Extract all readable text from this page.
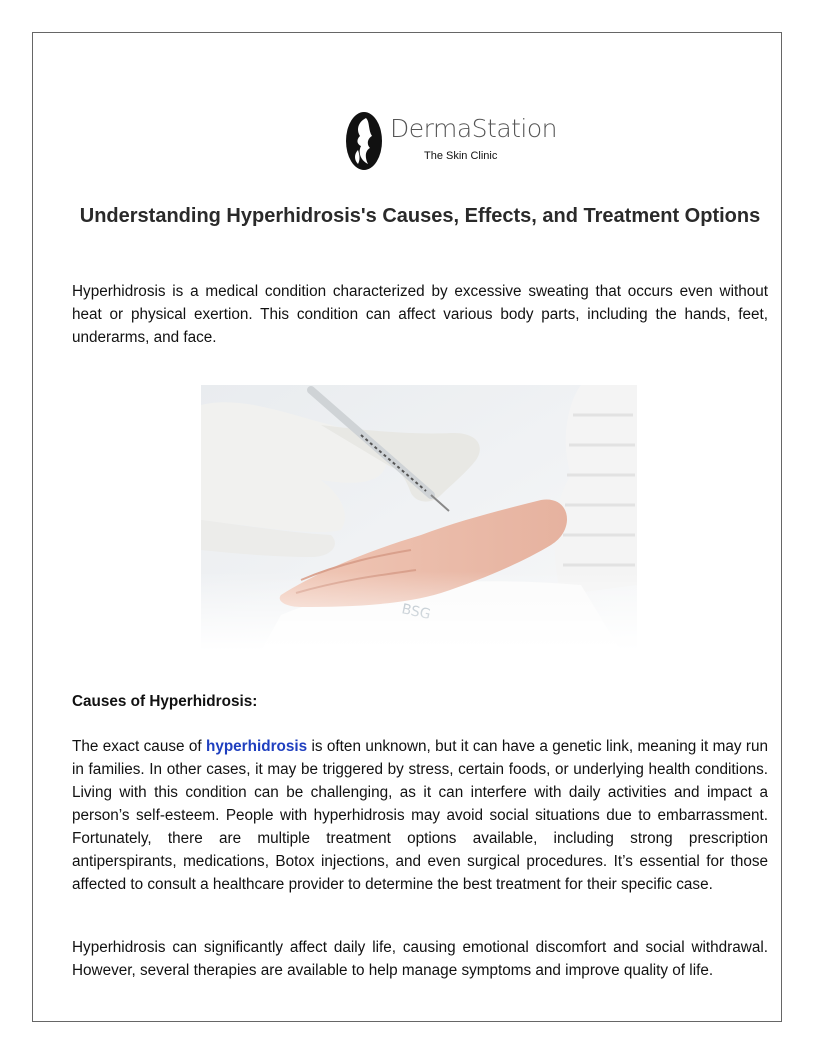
DermaStation
The Skin Clinic
Understanding Hyperhidrosis's Causes, Effects, and Treatment Options
Hyperhidrosis is a medical condition characterized by excessive sweating that occurs even without heat or physical exertion. This condition can affect various body parts, including the hands, feet, underarms, and face.
Causes of Hyperhidrosis:
The exact cause of hyperhidrosis is often unknown, but it can have a genetic link, meaning it may run in families. In other cases, it may be triggered by stress, certain foods, or underlying health conditions. Living with this condition can be challenging, as it can interfere with daily activities and impact a person’s self-esteem. People with hyperhidrosis may avoid social situations due to embarrassment. Fortunately, there are multiple treatment options available, including strong prescription antiperspirants, medications, Botox injections, and even surgical procedures. It’s essential for those affected to consult a healthcare provider to determine the best treatment for their specific case.
Hyperhidrosis can significantly affect daily life, causing emotional discomfort and social withdrawal. However, several therapies are available to help manage symptoms and improve quality of life.
